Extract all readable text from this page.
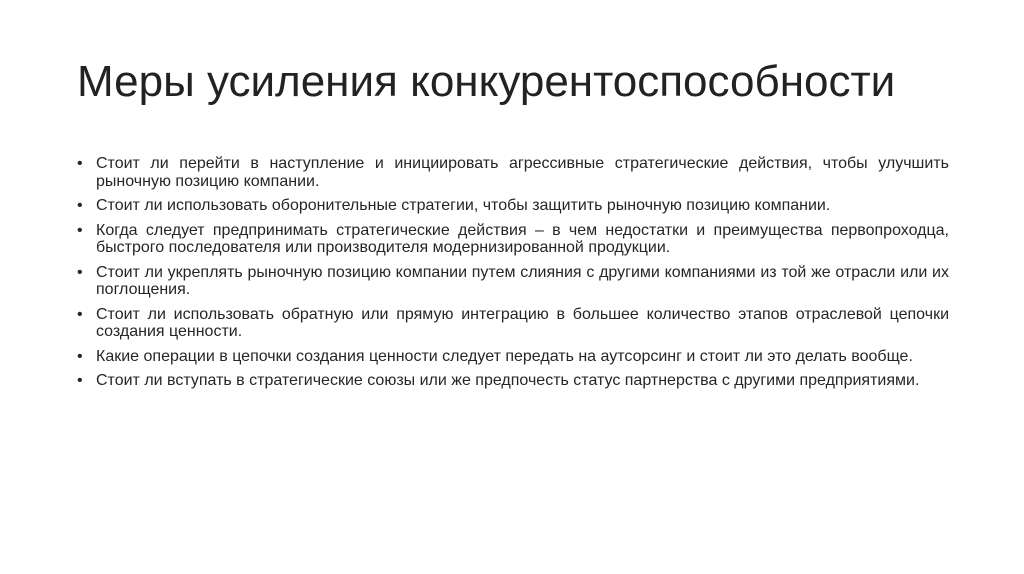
Меры усиления конкурентоспособности
• Стоит ли перейти в наступление и инициировать агрессивные стратегические действия, чтобы улучшить рыночную позицию компании.
• Стоит ли использовать оборонительные стратегии, чтобы защитить рыночную позицию компании.
• Когда следует предпринимать стратегические действия – в чем недостатки и преимущества первопроходца, быстрого последователя или производителя модернизированной продукции.
• Стоит ли укреплять рыночную позицию компании путем слияния с другими компаниями из той же отрасли или их поглощения.
• Стоит ли использовать обратную или прямую интеграцию в большее количество этапов отраслевой цепочки создания ценности.
• Какие операции в цепочки создания ценности следует передать на аутсорсинг и стоит ли это делать вообще.
• Стоит ли вступать в стратегические союзы или же предпочесть статус партнерства с другими предприятиями.
